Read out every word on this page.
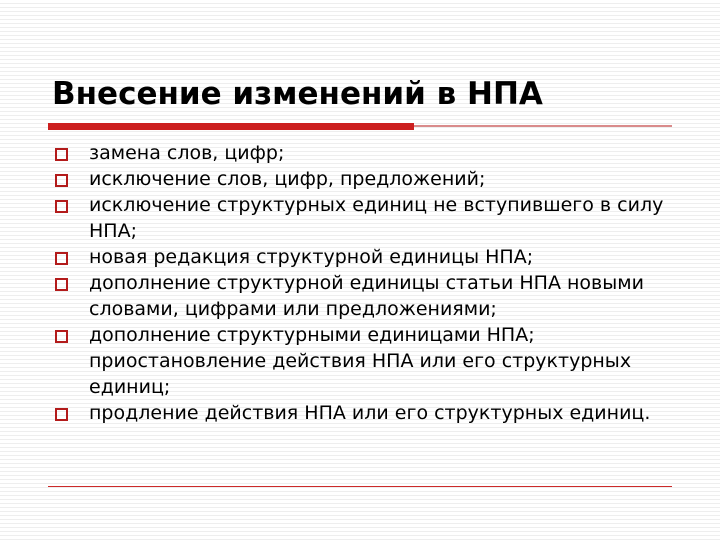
Внесение изменений в НПА
замена слов, цифр;
исключение слов, цифр, предложений;
исключение структурных единиц не вступившего в силу НПА;
новая редакция структурной единицы НПА;
дополнение структурной единицы статьи НПА новыми словами, цифрами или предложениями;
дополнение структурными единицами НПА; приостановление действия НПА или его структурных единиц;
продление действия НПА или его структурных единиц.
